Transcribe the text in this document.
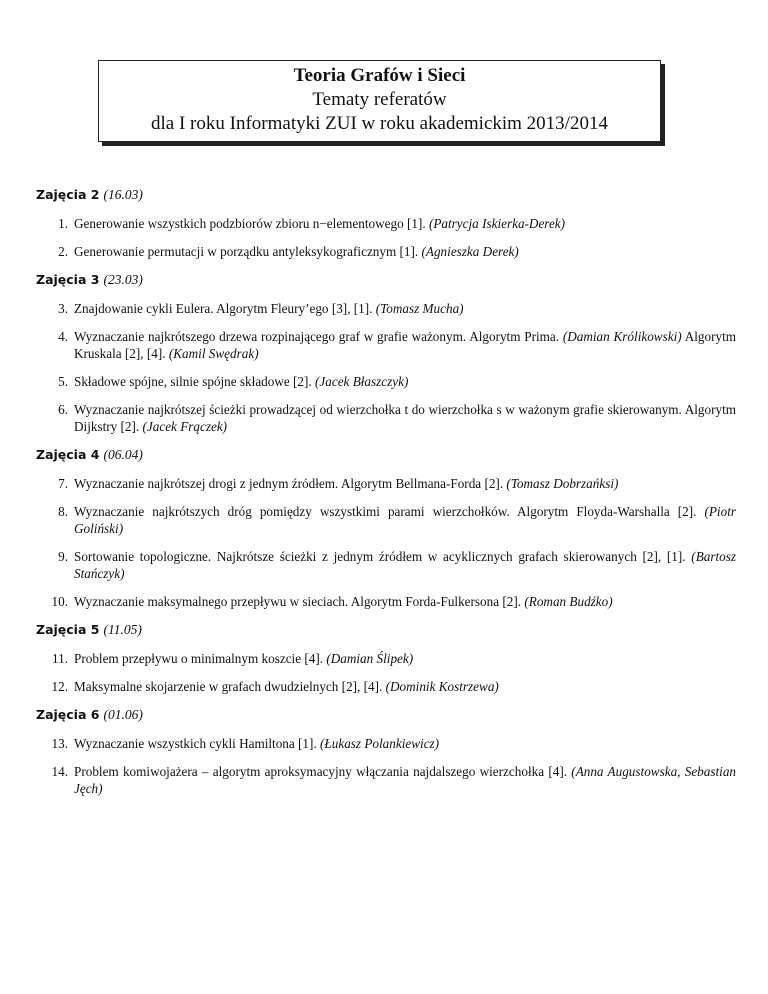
Teoria Grafów i Sieci
Tematy referatów
dla I roku Informatyki ZUI w roku akademickim 2013/2014
Zajęcia 2 (16.03)
1. Generowanie wszystkich podzbiorów zbioru n−elementowego [1]. (Patrycja Iskierka-Derek)
2. Generowanie permutacji w porządku antyleksykograficznym [1]. (Agnieszka Derek)
Zajęcia 3 (23.03)
3. Znajdowanie cykli Eulera. Algorytm Fleury’ego [3], [1]. (Tomasz Mucha)
4. Wyznaczanie najkrótszego drzewa rozpinającego graf w grafie ważonym. Algorytm Prima. (Damian Królikowski) Algorytm Kruskala [2], [4]. (Kamil Swędrak)
5. Składowe spójne, silnie spójne składowe [2]. (Jacek Błaszczyk)
6. Wyznaczanie najkrótszej ścieżki prowadzącej od wierzchołka t do wierzchołka s w ważonym grafie skierowanym. Algorytm Dijkstry [2]. (Jacek Frączek)
Zajęcia 4 (06.04)
7. Wyznaczanie najkrótszej drogi z jednym źródłem. Algorytm Bellmana-Forda [2]. (Tomasz Dobrzańksi)
8. Wyznaczanie najkrótszych dróg pomiędzy wszystkimi parami wierzchołków. Algorytm Floyda-Warshalla [2]. (Piotr Goliński)
9. Sortowanie topologiczne. Najkrótsze ścieżki z jednym źródłem w acyklicznych grafach skierowanych [2], [1]. (Bartosz Stańczyk)
10. Wyznaczanie maksymalnego przepływu w sieciach. Algorytm Forda-Fulkersona [2]. (Roman Budźko)
Zajęcia 5 (11.05)
11. Problem przepływu o minimalnym koszcie [4]. (Damian Ślipek)
12. Maksymalne skojarzenie w grafach dwudzielnych [2], [4]. (Dominik Kostrzewa)
Zajęcia 6 (01.06)
13. Wyznaczanie wszystkich cykli Hamiltona [1]. (Łukasz Polankiewicz)
14. Problem komiwojażera – algorytm aproksymacyjny włączania najdalszego wierzchołka [4]. (Anna Augustowska, Sebastian Jęch)
